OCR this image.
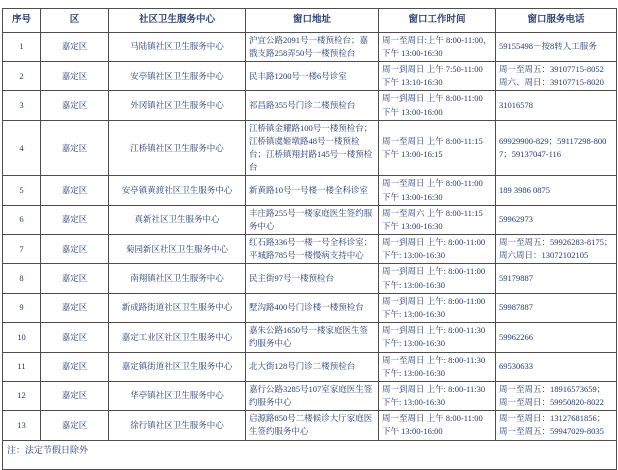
序号	区	社区卫生服务中心	窗口地址	窗口工作时间	窗口服务电话
1	嘉定区	马陆镇社区卫生服务中心	沪宜公路2091号一楼预检台；嘉戬支路258弄50号一楼预检台	周一至周日:上午 8:00-11:00，下午 13:00-16:30	59155498－按8转人工服务
2	嘉定区	安亭镇社区卫生服务中心	民丰路1200号一楼6号诊室	周一到周日 上午 7:50-11:00 下午 13:10-16:30	周一至周五：39107715-8052 周六、周日：39107715-8020
3	嘉定区	外冈镇社区卫生服务中心	祁昌路355号门诊二楼预检台	周一到周日 上午 8:00-11:00 下午 13:00-16:00	31016578
4	嘉定区	江桥镇社区卫生服务中心	江桥镇金耀路100号一楼预检台；江桥镇虞姬墩路48号一楼预检台；江桥镇翔封路145号一楼预检台	周一至周日 上午 8:00-11:15 下午 13:00-16:15	69929900-829；59117298-8007；59137047-116
5	嘉定区	安亭镇黄渡社区卫生服务中心	新黄路10号一号楼一楼全科诊室	周一至周日 上午 8:00-11:00 下午 13:00-16:30	189 3986 0875
6	嘉定区	真新社区卫生服务中心	丰庄路255号一楼家庭医生签约服务中心	周一至周六 上午 8:00-11:15 下午 13:00-16:30	59962973
7	嘉定区	菊园新区社区卫生服务中心	红石路336号一楼一号全科诊室；平城路785号一楼慢病支持中心	周一到周日 上午: 8:00-11:00 下午: 13:00-16:30	周一至周五：59926283-8175；周六周日：13072102105
8	嘉定区	南翔镇社区卫生服务中心	民主街97号一楼预检台	周一到周日 上午: 8:00-11:00 下午: 13:00-16:30	59179887
9	嘉定区	新成路街道社区卫生服务中心	墅沟路400号门诊楼一楼预检台	周一到周日 上午: 8:00-11:00 下午: 13:00-16:30	59987887
10	嘉定区	嘉定工业区社区卫生服务中心	嘉朱公路1650号一楼家庭医生签约服务中心	周一到周日 上午: 8:00-11:30 下午: 13:00-16:30	59962266
11	嘉定区	嘉定镇街道社区卫生服务中心	北大街128号门诊二楼预检台	周一至周日 上午: 8:00-11:30 下午: 13:00-16:30	69530633
12	嘉定区	华亭镇社区卫生服务中心	嘉行公路3285号107室家庭医生签约服务中心	周一到周日 上午: 8:00-11:30 下午: 13:00-16:30	周一至周五：18916573659；周一至周日：59950820-8022
13	嘉定区	徐行镇社区卫生服务中心	启源路850号二楼候诊大厅家庭医生签约服务中心	周一至周日 上午 8:00-11:00 下午 13:00-16:00	周一至周日：13127681856；周一至周五：59947029-8035
注：法定节假日除外					
